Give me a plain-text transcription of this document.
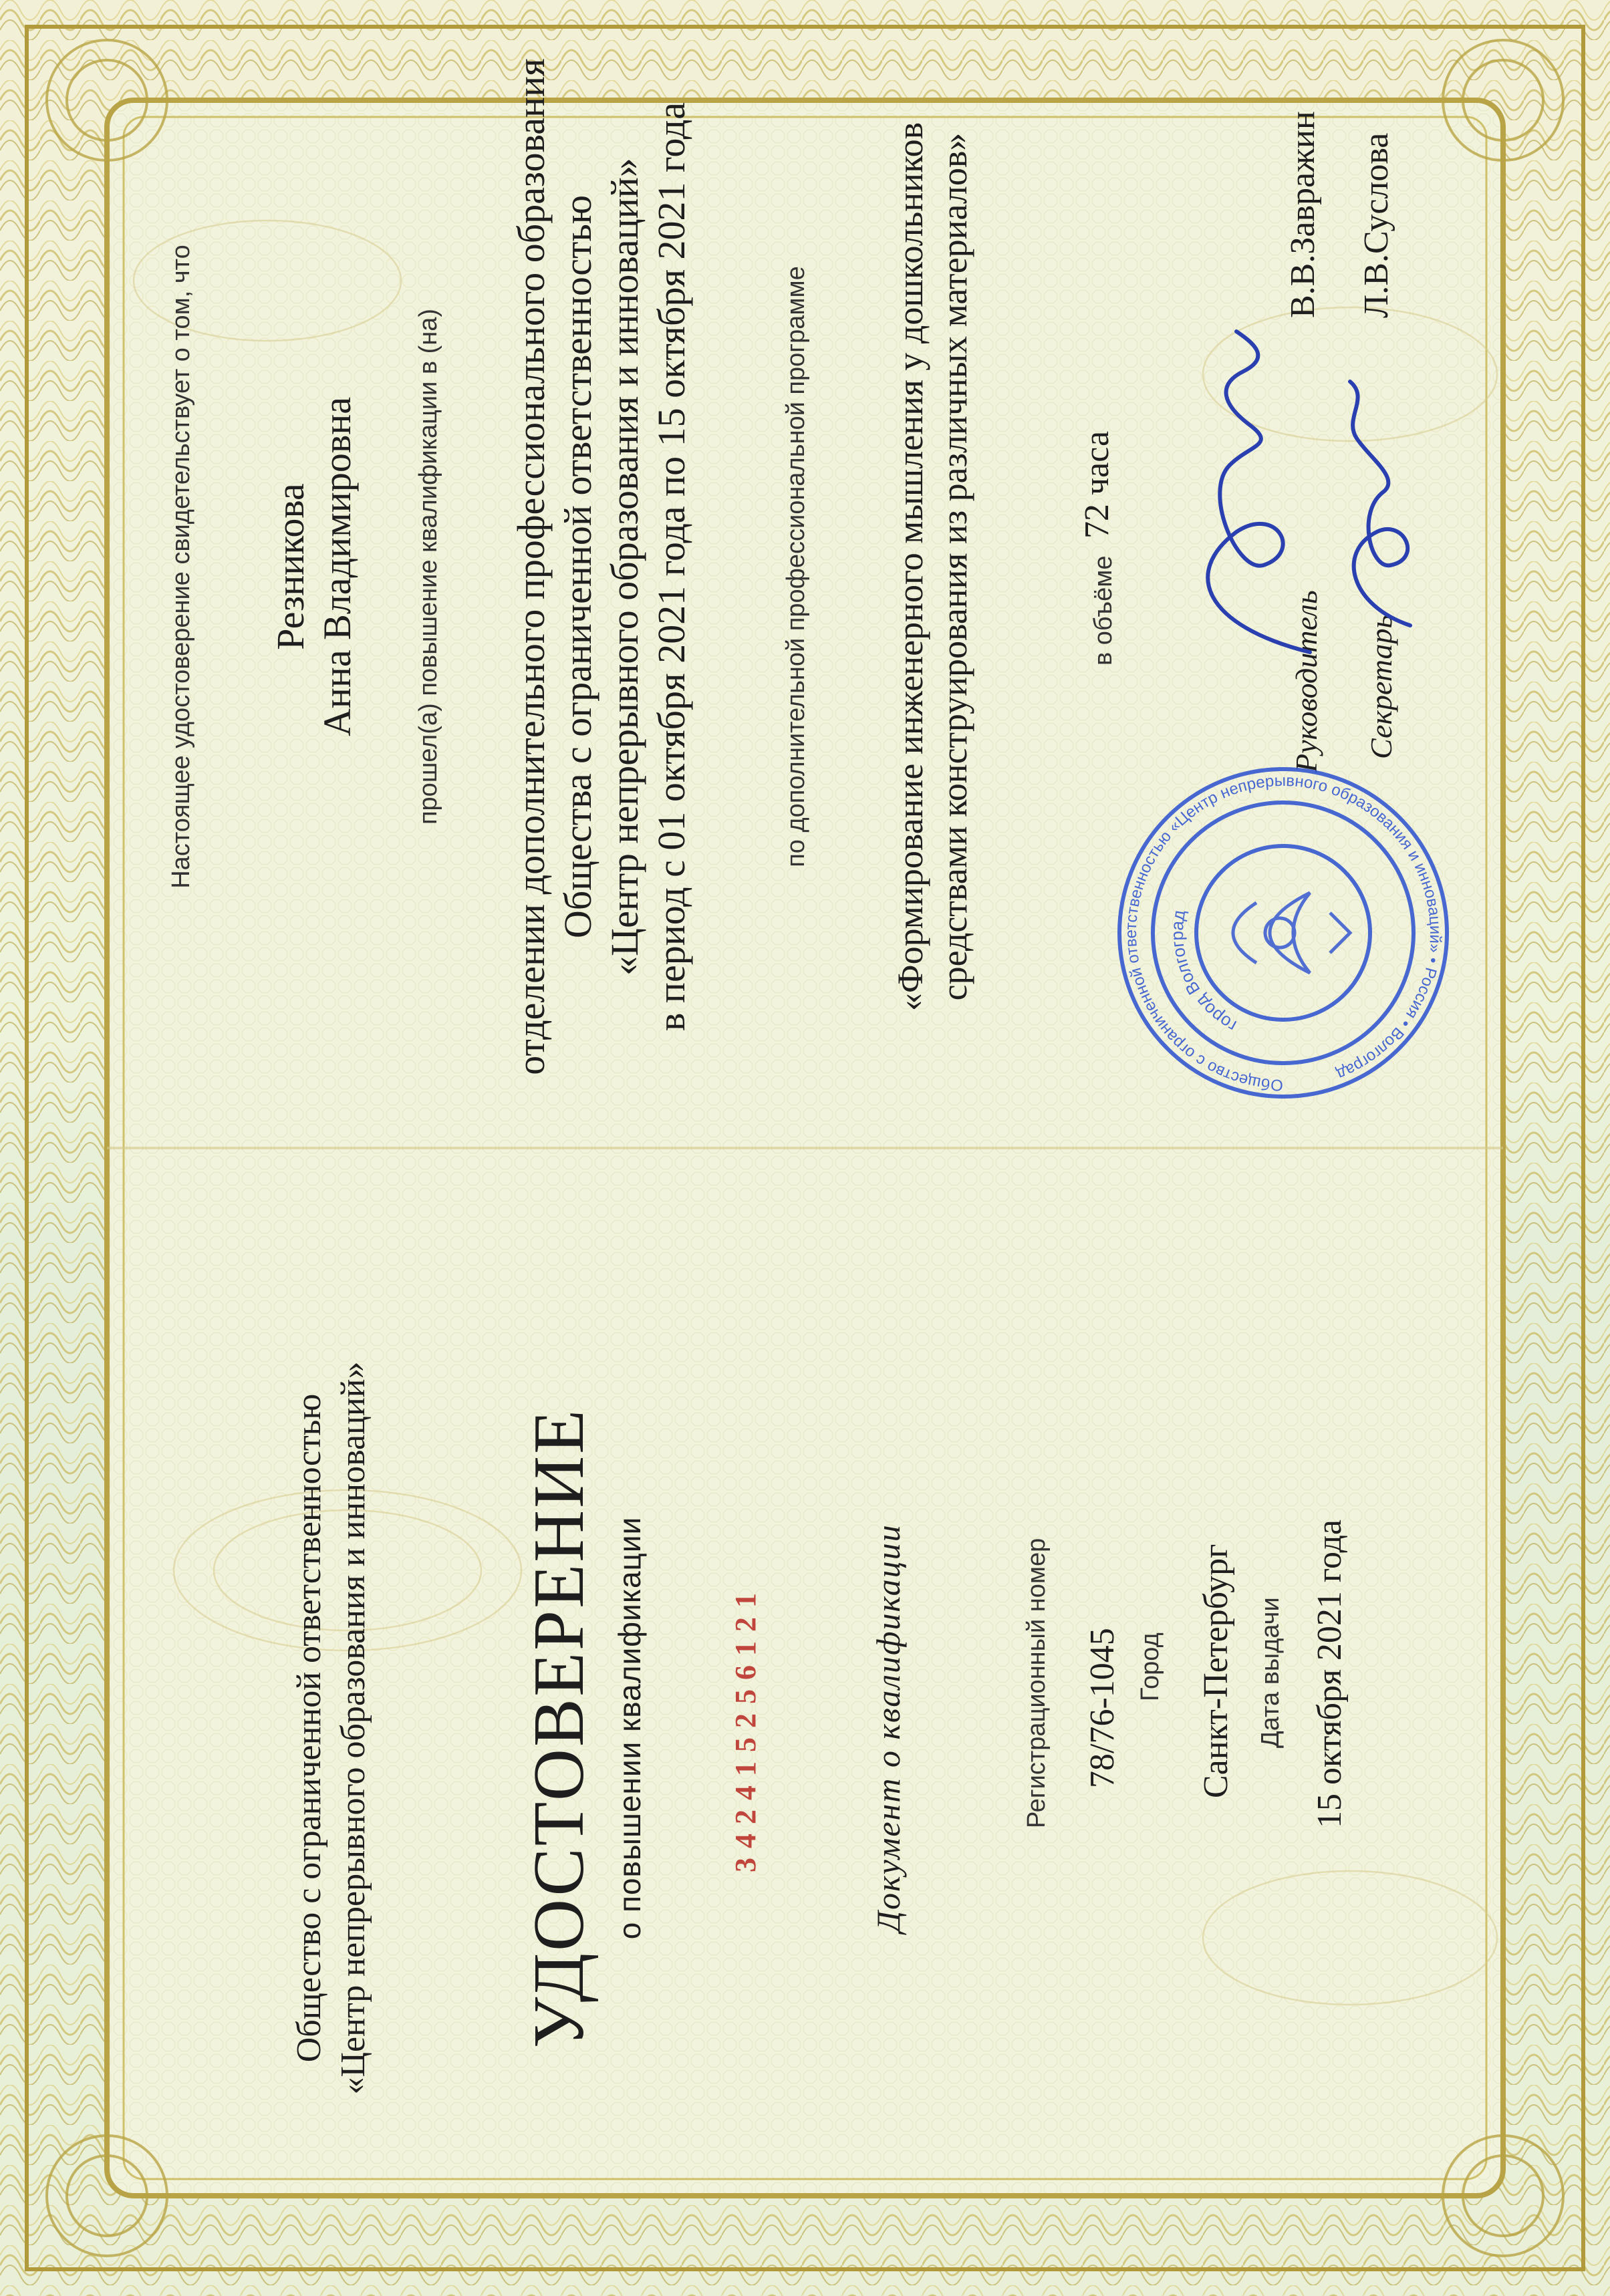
Общество с ограниченной ответственностью «Центр непрерывного образования и инноваций» УДОСТОВЕРЕНИЕ о повышении квалификации	342415256121	Документ о квалификации	Регистрационный номер 78/76-1045 Город Санкт-Петербург Дата выдачи 15 октября 2021 года
Настоящее удостоверение свидетельствует о том, что Резникова Анна Владимировна прошел(а) повышение квалификации в (на) отделении дополнительного профессионального образования Общества с ограниченной ответственностью «Центр непрерывного образования и инноваций» в период с 01 октября 2021 года по 15 октября 2021 года	по дополнительной профессиональной программе «Формирование инженерного мышления у дошкольников средствами конструирования из различных материалов»	в объёме
72 часа
Руководитель
В.В.Завражин
Секретарь
Л.В.Суслова
Общество с ограниченной ответственностью «Центр непрерывного образования и инноваций» • Россия • Волгоград
город Волгоград
